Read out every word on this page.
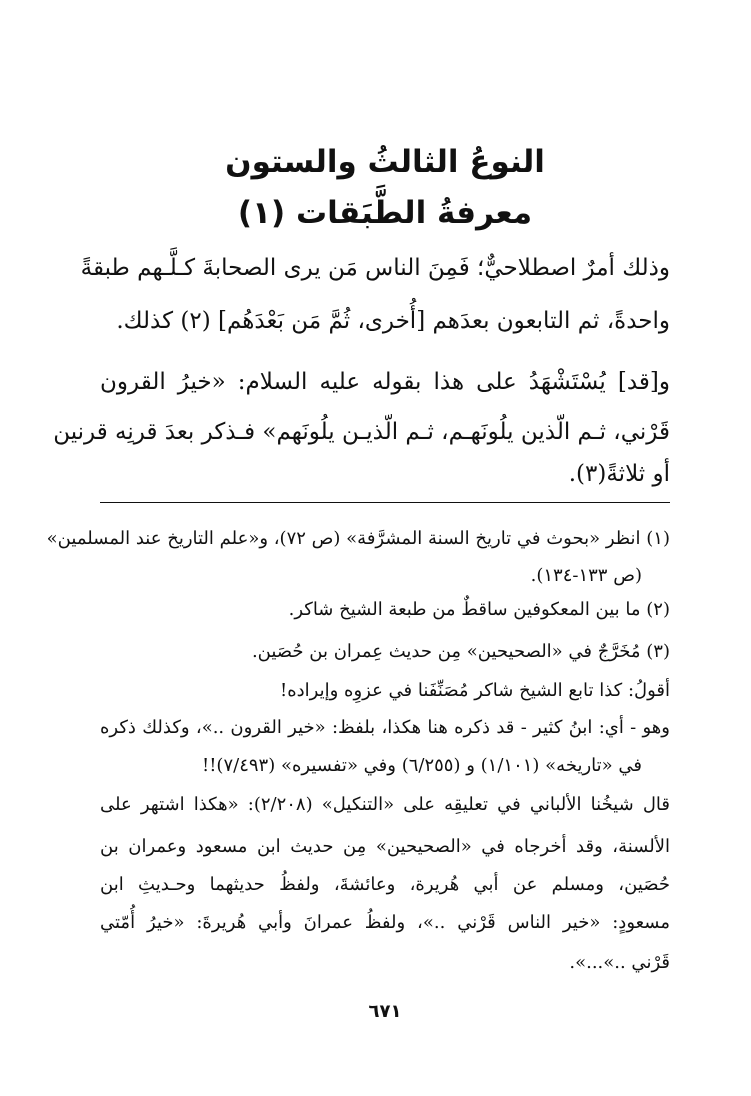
النوعُ الثالثُ والستون
معرفةُ الطَّبَقات (١)

وذلك أمرٌ اصطلاحيٌّ؛ فَمِنَ الناس مَن يرى الصحابةَ كـلَّـهم طبقةً

واحدةً، ثم التابعون بعدَهم [أُخرى، ثُمَّ مَن بَعْدَهُم] (٢) كذلك.

و[قد] يُسْتَشْهَدُ على هذا بقوله عليه السلام: «خيرُ القرون

قَرْني، ثـم الّذين يلُونَهـم، ثـم الّذيـن يلُونَهم» فـذكر بعدَ قرنِه قرنين

أو ثلاثةً(٣).

(١) انظر «بحوث في تاريخ السنة المشرَّفة» (ص ٧٢)، و«علم التاريخ عند المسلمين»

(ص ١٣٣-١٣٤).

(٢) ما بين المعكوفين ساقطٌ من طبعة الشيخ شاكر.

(٣) مُخَرَّجٌ في «الصحيحين» مِن حديث عِمران بن حُصَين.

أقولُ: كذا تابع الشيخ شاكر مُصَنِّفَنا في عزوِه وإيراده!

وهو - أي: ابنُ كثير - قد ذكره هنا هكذا، بلفظ: «خير القرون ..»، وكذلك ذكره

في «تاريخه» (١/١٠١) و (٦/٢٥٥) وفي «تفسيره» (٧/٤٩٣)!!

قال شيخُنا الألباني في تعليقِه على «التنكيل» (٢/٢٠٨): «هكذا اشتهر على

الألسنة، وقد أخرجاه في «الصحيحين» مِن حديث ابن مسعود وعمران بن

حُصَين، ومسلم عن أبي هُريرة، وعائشةَ، ولفظُ حديثهما وحـديثِ ابن

مسعودٍ: «خير الناس قَرْني ..»، ولفظُ عمرانَ وأبي هُريرةَ: «خيرُ أُمّتي

قَرْني ..»...».

٦٧١
